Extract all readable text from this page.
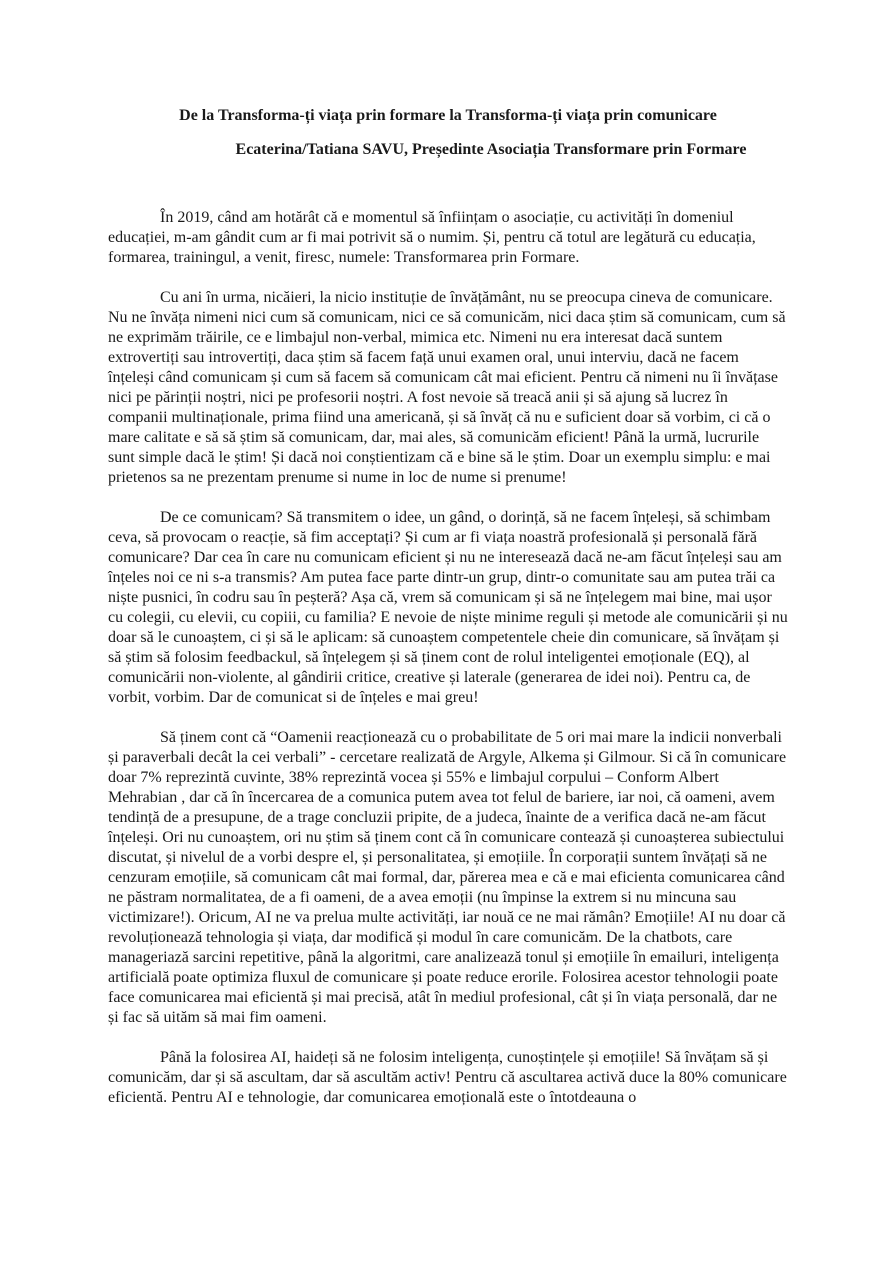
De la Transforma-ți viața prin formare la Transforma-ți viața prin comunicare
Ecaterina/Tatiana SAVU, Președinte Asociația Transformare prin Formare

În 2019, când am hotărât că e momentul să înființam o asociație, cu activități în domeniul educației, m-am gândit cum ar fi mai potrivit să o numim. Și, pentru că totul are legătură cu educația, formarea, trainingul, a venit, firesc, numele: Transformarea prin Formare.

Cu ani în urma, nicăieri, la nicio instituție de învățământ, nu se preocupa cineva de comunicare. Nu ne învăța nimeni nici cum să comunicam, nici ce să comunicăm, nici daca știm să comunicam, cum să ne exprimăm trăirile, ce e limbajul non-verbal, mimica etc. Nimeni nu era interesat dacă suntem extrovertiți sau introvertiți, daca știm să facem față unui examen oral, unui interviu, dacă ne facem înțeleși când comunicam și cum să facem să comunicam cât mai eficient. Pentru că nimeni nu îi învățase nici pe părinții noștri, nici pe profesorii noștri. A fost nevoie să treacă anii și să ajung să lucrez în companii multinaționale, prima fiind una americană, și să învăț că nu e suficient doar să vorbim, ci că o mare calitate e să să știm să comunicam, dar, mai ales, să comunicăm eficient! Până la urmă, lucrurile sunt simple dacă le știm! Și dacă noi conștientizam că e bine să le știm. Doar un exemplu simplu: e mai prietenos sa ne prezentam prenume si nume in loc de nume si prenume!

De ce comunicam? Să transmitem o idee, un gând, o dorință, să ne facem înțeleși, să schimbam ceva, să provocam o reacție, să fim acceptați? Și cum ar fi viața noastră profesională și personală fără comunicare? Dar cea în care nu comunicam eficient și nu ne interesează dacă ne-am făcut înțeleși sau am înțeles noi ce ni s-a transmis? Am putea face parte dintr-un grup, dintr-o comunitate sau am putea trăi ca niște pusnici, în codru sau în peșteră? Așa că, vrem să comunicam și să ne înțelegem mai bine, mai ușor cu colegii, cu elevii, cu copiii, cu familia? E nevoie de niște minime reguli și metode ale comunicării și nu doar să le cunoaștem, ci și să le aplicam: să cunoaștem competentele cheie din comunicare, să învățam și să știm să folosim feedbackul, să înțelegem și să ținem cont de rolul inteligentei emoționale (EQ), al comunicării non-violente, al gândirii critice, creative și laterale (generarea de idei noi). Pentru ca, de vorbit, vorbim. Dar de comunicat si de înțeles e mai greu!

Să ținem cont că “Oamenii reacționează cu o probabilitate de 5 ori mai mare la indicii nonverbali și paraverbali decât la cei verbali” - cercetare realizată de Argyle, Alkema și Gilmour. Si că în comunicare doar 7% reprezintă cuvinte, 38% reprezintă vocea și 55% e limbajul corpului – Conform Albert Mehrabian , dar că în încercarea de a comunica putem avea tot felul de bariere, iar noi, că oameni, avem tendință de a presupune, de a trage concluzii pripite, de a judeca, înainte de a verifica dacă ne-am făcut înțeleși. Ori nu cunoaștem, ori nu știm să ținem cont că în comunicare contează și cunoașterea subiectului discutat, și nivelul de a vorbi despre el, și personalitatea, și emoțiile. În corporații suntem învățați să ne cenzuram emoțiile, să comunicam cât mai formal, dar, părerea mea e că e mai eficienta comunicarea când ne păstram normalitatea, de a fi oameni, de a avea emoții (nu împinse la extrem si nu mincuna sau victimizare!). Oricum, AI ne va prelua multe activități, iar nouă ce ne mai rămân? Emoțiile! AI nu doar că revoluționează tehnologia și viața, dar modifică și modul în care comunicăm. De la chatbots, care manageriază sarcini repetitive, până la algoritmi, care analizează tonul și emoțiile în emailuri, inteligența artificială poate optimiza fluxul de comunicare și poate reduce erorile. Folosirea acestor tehnologii poate face comunicarea mai eficientă și mai precisă, atât în mediul profesional, cât și în viața personală, dar ne și fac să uităm să mai fim oameni.

Până la folosirea AI, haideți să ne folosim inteligența, cunoștințele și emoțiile! Să învățam să și comunicăm, dar și să ascultam, dar să ascultăm activ! Pentru că ascultarea activă duce la 80% comunicare eficientă. Pentru AI e tehnologie, dar comunicarea emoțională este o întotdeauna o
